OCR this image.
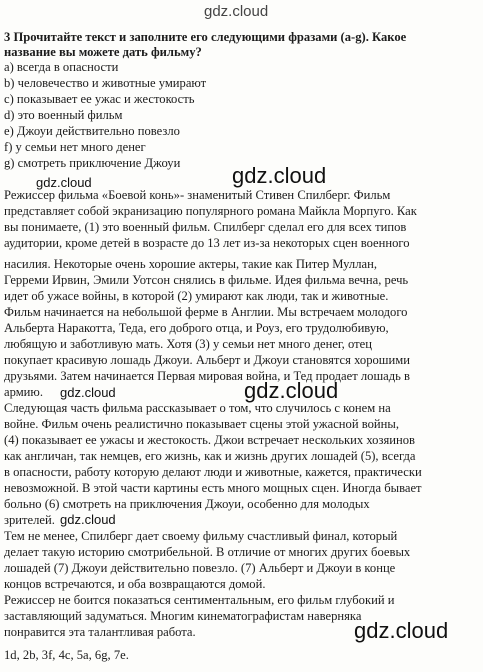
gdz.cloud
3 Прочитайте текст и заполните его следующими фразами (a-g). Какое
название вы можете дать фильму?
a) всегда в опасности
b) человечество и животные умирают
c) показывает ее ужас и жестокость
d) это военный фильм
e) Джоуи действительно повезло
f) у семьи нет много денег
g) смотреть приключение Джоуи
gdz.cloud	gdz.cloud
Режиссер фильма «Боевой конь»- знаменитый Стивен Спилберг. Фильм
представляет собой экранизацию популярного романа Майкла Морпуго. Как
вы понимаете, (1) это военный фильм. Спилберг сделал его для всех типов
аудитории, кроме детей в возрасте до 13 лет из-за некоторых сцен военного
насилия. Некоторые очень хорошие актеры, такие как Питер Муллан,
Герреми Ирвин, Эмили Уотсон снялись в фильме. Идея фильма вечна, речь
идет об ужасе войны, в которой (2) умирают как люди, так и животные.
Фильм начинается на небольшой ферме в Англии. Мы встречаем молодого
Альберта Наракотта, Теда, его доброго отца, и Роуз, его трудолюбивую,
любящую и заботливую мать. Хотя (3) у семьи нет много денег, отец
покупает красивую лошадь Джоуи. Альберт и Джоуи становятся хорошими
друзьями. Затем начинается Первая мировая война, и Тед продает лошадь в
армию.
Следующая часть фильма рассказывает о том, что случилось с конем на
войне. Фильм очень реалистично показывает сцены этой ужасной войны,
(4) показывает ее ужасы и жестокость. Джои встречает нескольких хозяинов
как англичан, так немцев, его жизнь, как и жизнь других лошадей (5), всегда
в опасности, работу которую делают люди и животные, кажется, практически
невозможной. В этой части картины есть много мощных сцен. Иногда бывает
больно (6) смотреть на приключения Джоуи, особенно для молодых
зрителей.
Тем не менее, Спилберг дает своему фильму счастливый финал, который
делает такую историю смотрибельной. В отличие от многих других боевых
лошадей (7) Джоуи действительно повезло. (7) Альберт и Джоуи в конце
концов встречаются, и оба возвращаются домой.
Режиссер не боится показаться сентиментальным, его фильм глубокий и
заставляющий задуматься. Многим кинематографистам наверняка
понравится эта талантливая работа.
gdz.cloud	gdz.cloud
gdz.cloud
gdz.cloud
1d, 2b, 3f, 4c, 5a, 6g, 7e.
